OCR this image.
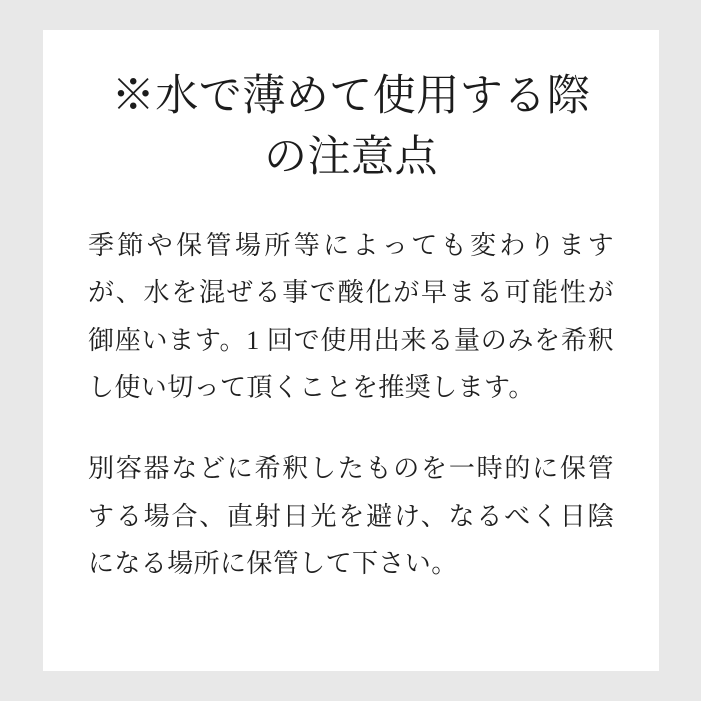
※水で薄めて使用する際
の注意点

季節や保管場所等によっても変わりますが、水を混ぜる事で酸化が早まる可能性が御座います。1 回で使用出来る量のみを希釈し使い切って頂くことを推奨します。

別容器などに希釈したものを一時的に保管する場合、直射日光を避け、なるべく日陰になる場所に保管して下さい。
